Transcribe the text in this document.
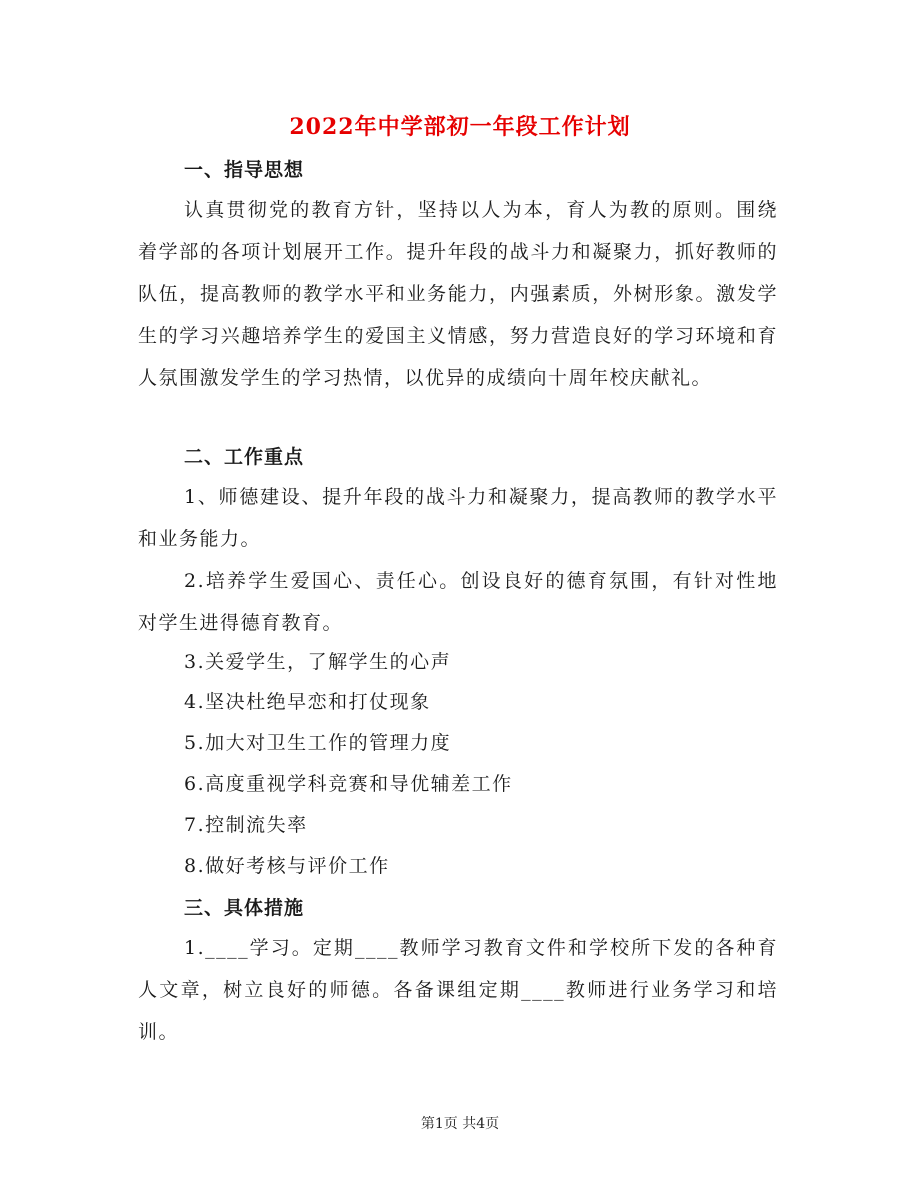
2022年中学部初一年段工作计划
一、指导思想
认真贯彻党的教育方针，坚持以人为本，育人为教的原则。围绕着学部的各项计划展开工作。提升年段的战斗力和凝聚力，抓好教师的队伍，提高教师的教学水平和业务能力，内强素质，外树形象。激发学生的学习兴趣培养学生的爱国主义情感，努力营造良好的学习环境和育人氛围激发学生的学习热情，以优异的成绩向十周年校庆献礼。
二、工作重点
1、师德建设、提升年段的战斗力和凝聚力，提高教师的教学水平和业务能力。
2.培养学生爱国心、责任心。创设良好的德育氛围，有针对性地对学生进得德育教育。
3.关爱学生，了解学生的心声
4.坚决杜绝早恋和打仗现象
5.加大对卫生工作的管理力度
6.高度重视学科竞赛和导优辅差工作
7.控制流失率
8.做好考核与评价工作
三、具体措施
1.____学习。定期____教师学习教育文件和学校所下发的各种育人文章，树立良好的师德。各备课组定期____教师进行业务学习和培训。
第1页 共4页
